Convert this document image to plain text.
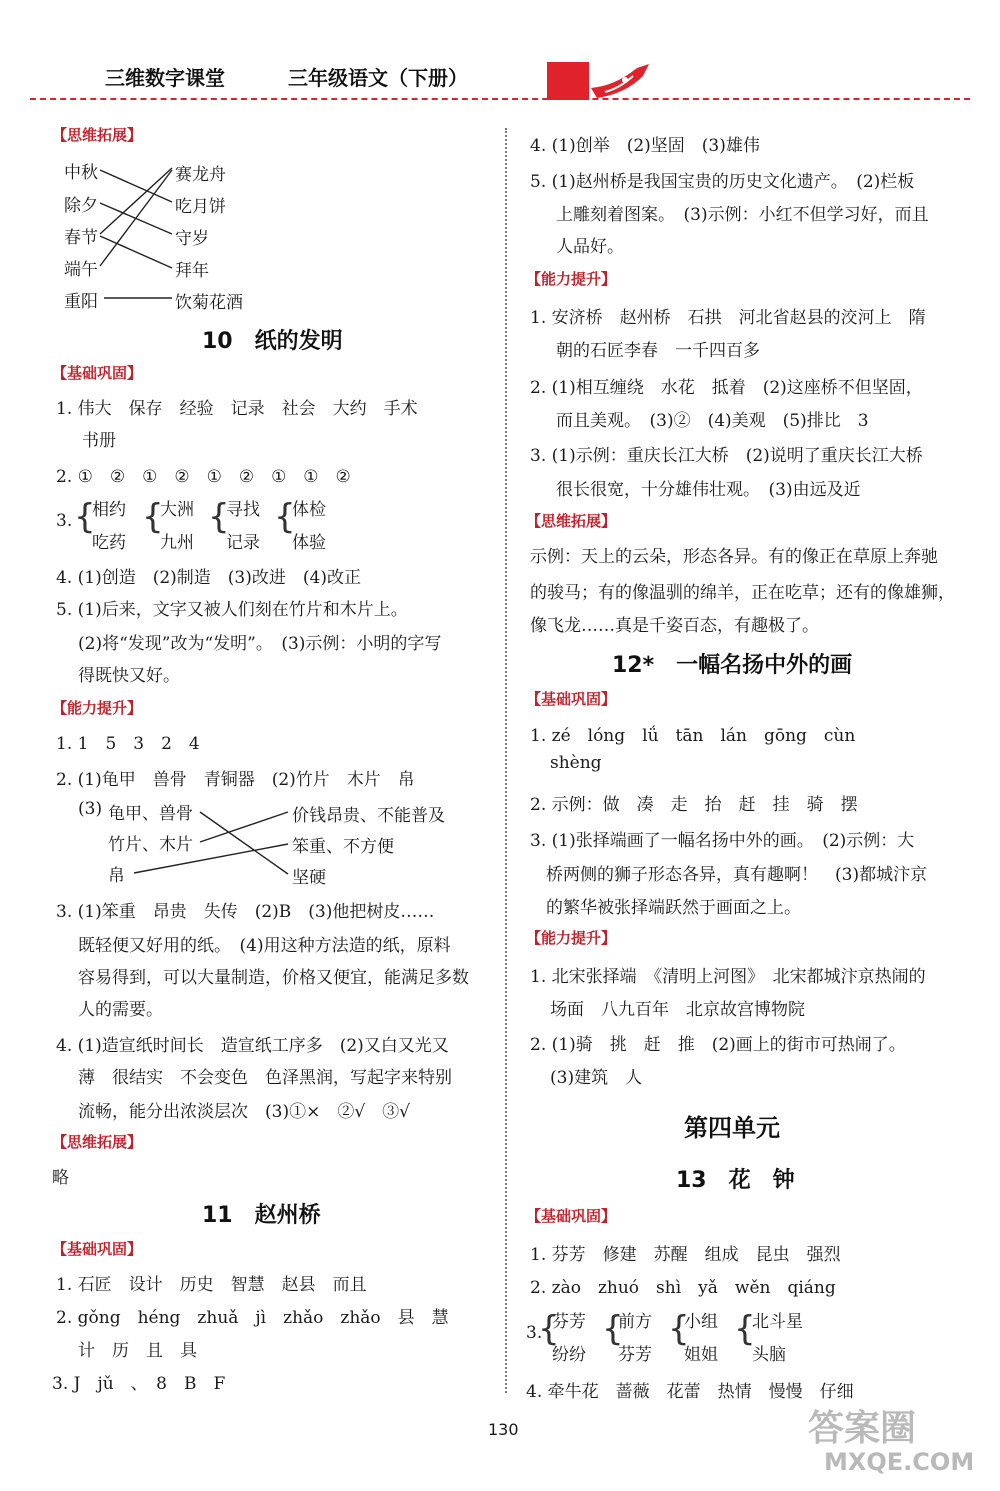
三维数字课堂	三年级语文（下册）
【思维拓展】
中秋
除夕
春节
端午
重阳
赛龙舟
吃月饼
守岁
拜年
饮菊花酒
10　纸的发明
【基础巩固】
1. 伟大　保存　经验　记录　社会　大约　手术
书册
2. ①　②　①　②　①　②　①　①　②
3. {
相约
吃药
{
大洲
九州
{
寻找
记录
{
体检
体验
4. (1)创造　(2)制造　(3)改进　(4)改正
5. (1)后来，文字又被人们刻在竹片和木片上。
(2)将“发现”改为“发明”。　(3)示例：小明的字写
得既快又好。
【能力提升】
1. 1　5　3　2　4
2. (1)龟甲　兽骨　青铜器　(2)竹片　木片　帛
(3) 龟甲、兽骨
竹片、木片
帛
价钱昂贵、不能普及
笨重、不方便
坚硬
3. (1)笨重　昂贵　失传　(2)B　(3)他把树皮……
既轻便又好用的纸。　(4)用这种方法造的纸，原料
容易得到，可以大量制造，价格又便宜，能满足多数
人的需要。
4. (1)造宣纸时间长　造宣纸工序多　(2)又白又光又
薄　很结实　不会变色　色泽黑润，写起字来特别
流畅，能分出浓淡层次　(3)①×　②√　③√
【思维拓展】
略
11　赵州桥
【基础巩固】
1. 石匠　设计　历史　智慧　赵县　而且
2. gǒng　héng　zhuǎ　jì　zhǎo　zhǎo　县　慧
计　历　且　具
3. J　jǔ　、　8　B　F
4. (1)创举　(2)坚固　(3)雄伟
5. (1)赵州桥是我国宝贵的历史文化遗产。　(2)栏板
上雕刻着图案。　(3)示例：小红不但学习好，而且
人品好。
【能力提升】
1. 安济桥　赵州桥　石拱　河北省赵县的洨河上　隋
朝的石匠李春　一千四百多
2. (1)相互缠绕　水花　抵着　(2)这座桥不但坚固，
而且美观。　(3)②　(4)美观　(5)排比　3
3. (1)示例：重庆长江大桥　(2)说明了重庆长江大桥
很长很宽，十分雄伟壮观。　(3)由远及近
【思维拓展】
示例：天上的云朵，形态各异。有的像正在草原上奔驰
的骏马；有的像温驯的绵羊，正在吃草；还有的像雄狮，
像飞龙……真是千姿百态，有趣极了。
12*　一幅名扬中外的画
【基础巩固】
1. zé　lóng　lǘ　tān　lán　gōng　cùn
shèng
2. 示例：做　凑　走　抬　赶　挂　骑　摆
3. (1)张择端画了一幅名扬中外的画。　(2)示例：大
桥两侧的狮子形态各异，真有趣啊！　(3)都城汴京
的繁华被张择端跃然于画面之上。
【能力提升】
1. 北宋张择端　《清明上河图》　北宋都城汴京热闹的
场面　八九百年　北京故宫博物院
2. (1)骑　挑　赶　推　(2)画上的街市可热闹了。
(3)建筑　人
第四单元
13　花　钟
【基础巩固】
1. 芬芳　修建　苏醒　组成　昆虫　强烈
2. zào　zhuó　shì　yǎ　wěn　qiáng
3.
{
芬芳
纷纷
{
前方
芬芳
{
小组
姐姐
{
北斗星
头脑
4. 牵牛花　蔷薇　花蕾　热情　慢慢　仔细
130	答案圈
MXQE.COM
